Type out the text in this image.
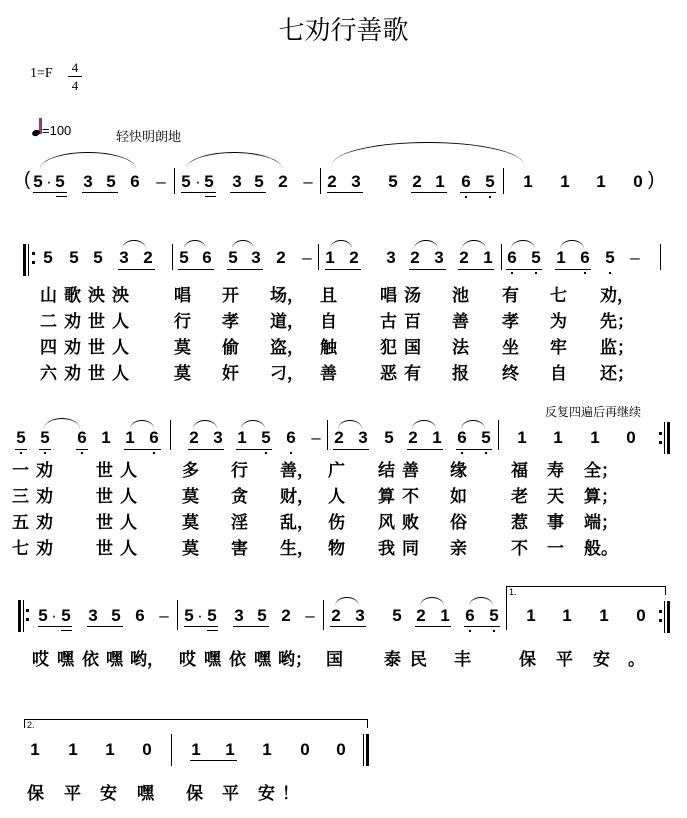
七劝行善歌
1=F 4
4
=100	轻快明朗地
( 5 · 5 3 5 6 – 5 · 5 3 5 2 – 2 3 5 2 1 6 5 1 1 1 0 )
5 5 5 3 2 5 6 5 3 2 – 1 2 3 2 3 2 1 6 5 1 6 5 –
山 歌 泱 泱	唱 开 场， 且	唱 汤 池 有 七 劝，
二 劝 世 人	行 孝 道， 自	古 百 善 孝 为 先；
四 劝 世 人	莫 偷 盗， 触	犯 国 法 坐 牢 监；
六 劝 世 人	莫 奸 刁， 善	恶 有 报 终 自 还；
反复四遍后再继续
5 5 6 1 1 6 2 3 1 5 6 – 2 3 5 2 1 6 5 1 1 1 0
一 劝	世 人	多 行 善， 广 结 善 缘	福 寿 全；
三 劝	世 人	莫 贪 财， 人 算 不 如	老 天 算；
五 劝	世 人	莫 淫 乱， 伤 风 败 俗	惹 事 端；
七 劝	世 人	莫 害 生， 物 我 同 亲	不 一 般。
5 · 5 3 5 6 – 5 · 5 3 5 2 – 2 3 5 2 1 6 5
1.
1 1 1 0
哎 嘿 依 嘿 哟， 哎 嘿 依 嘿 哟； 国 泰 民 丰	保 平 安 。
2.
1 1 1 0 1 1 1 0 0
保 平 安 嘿 保 平 安 ！
